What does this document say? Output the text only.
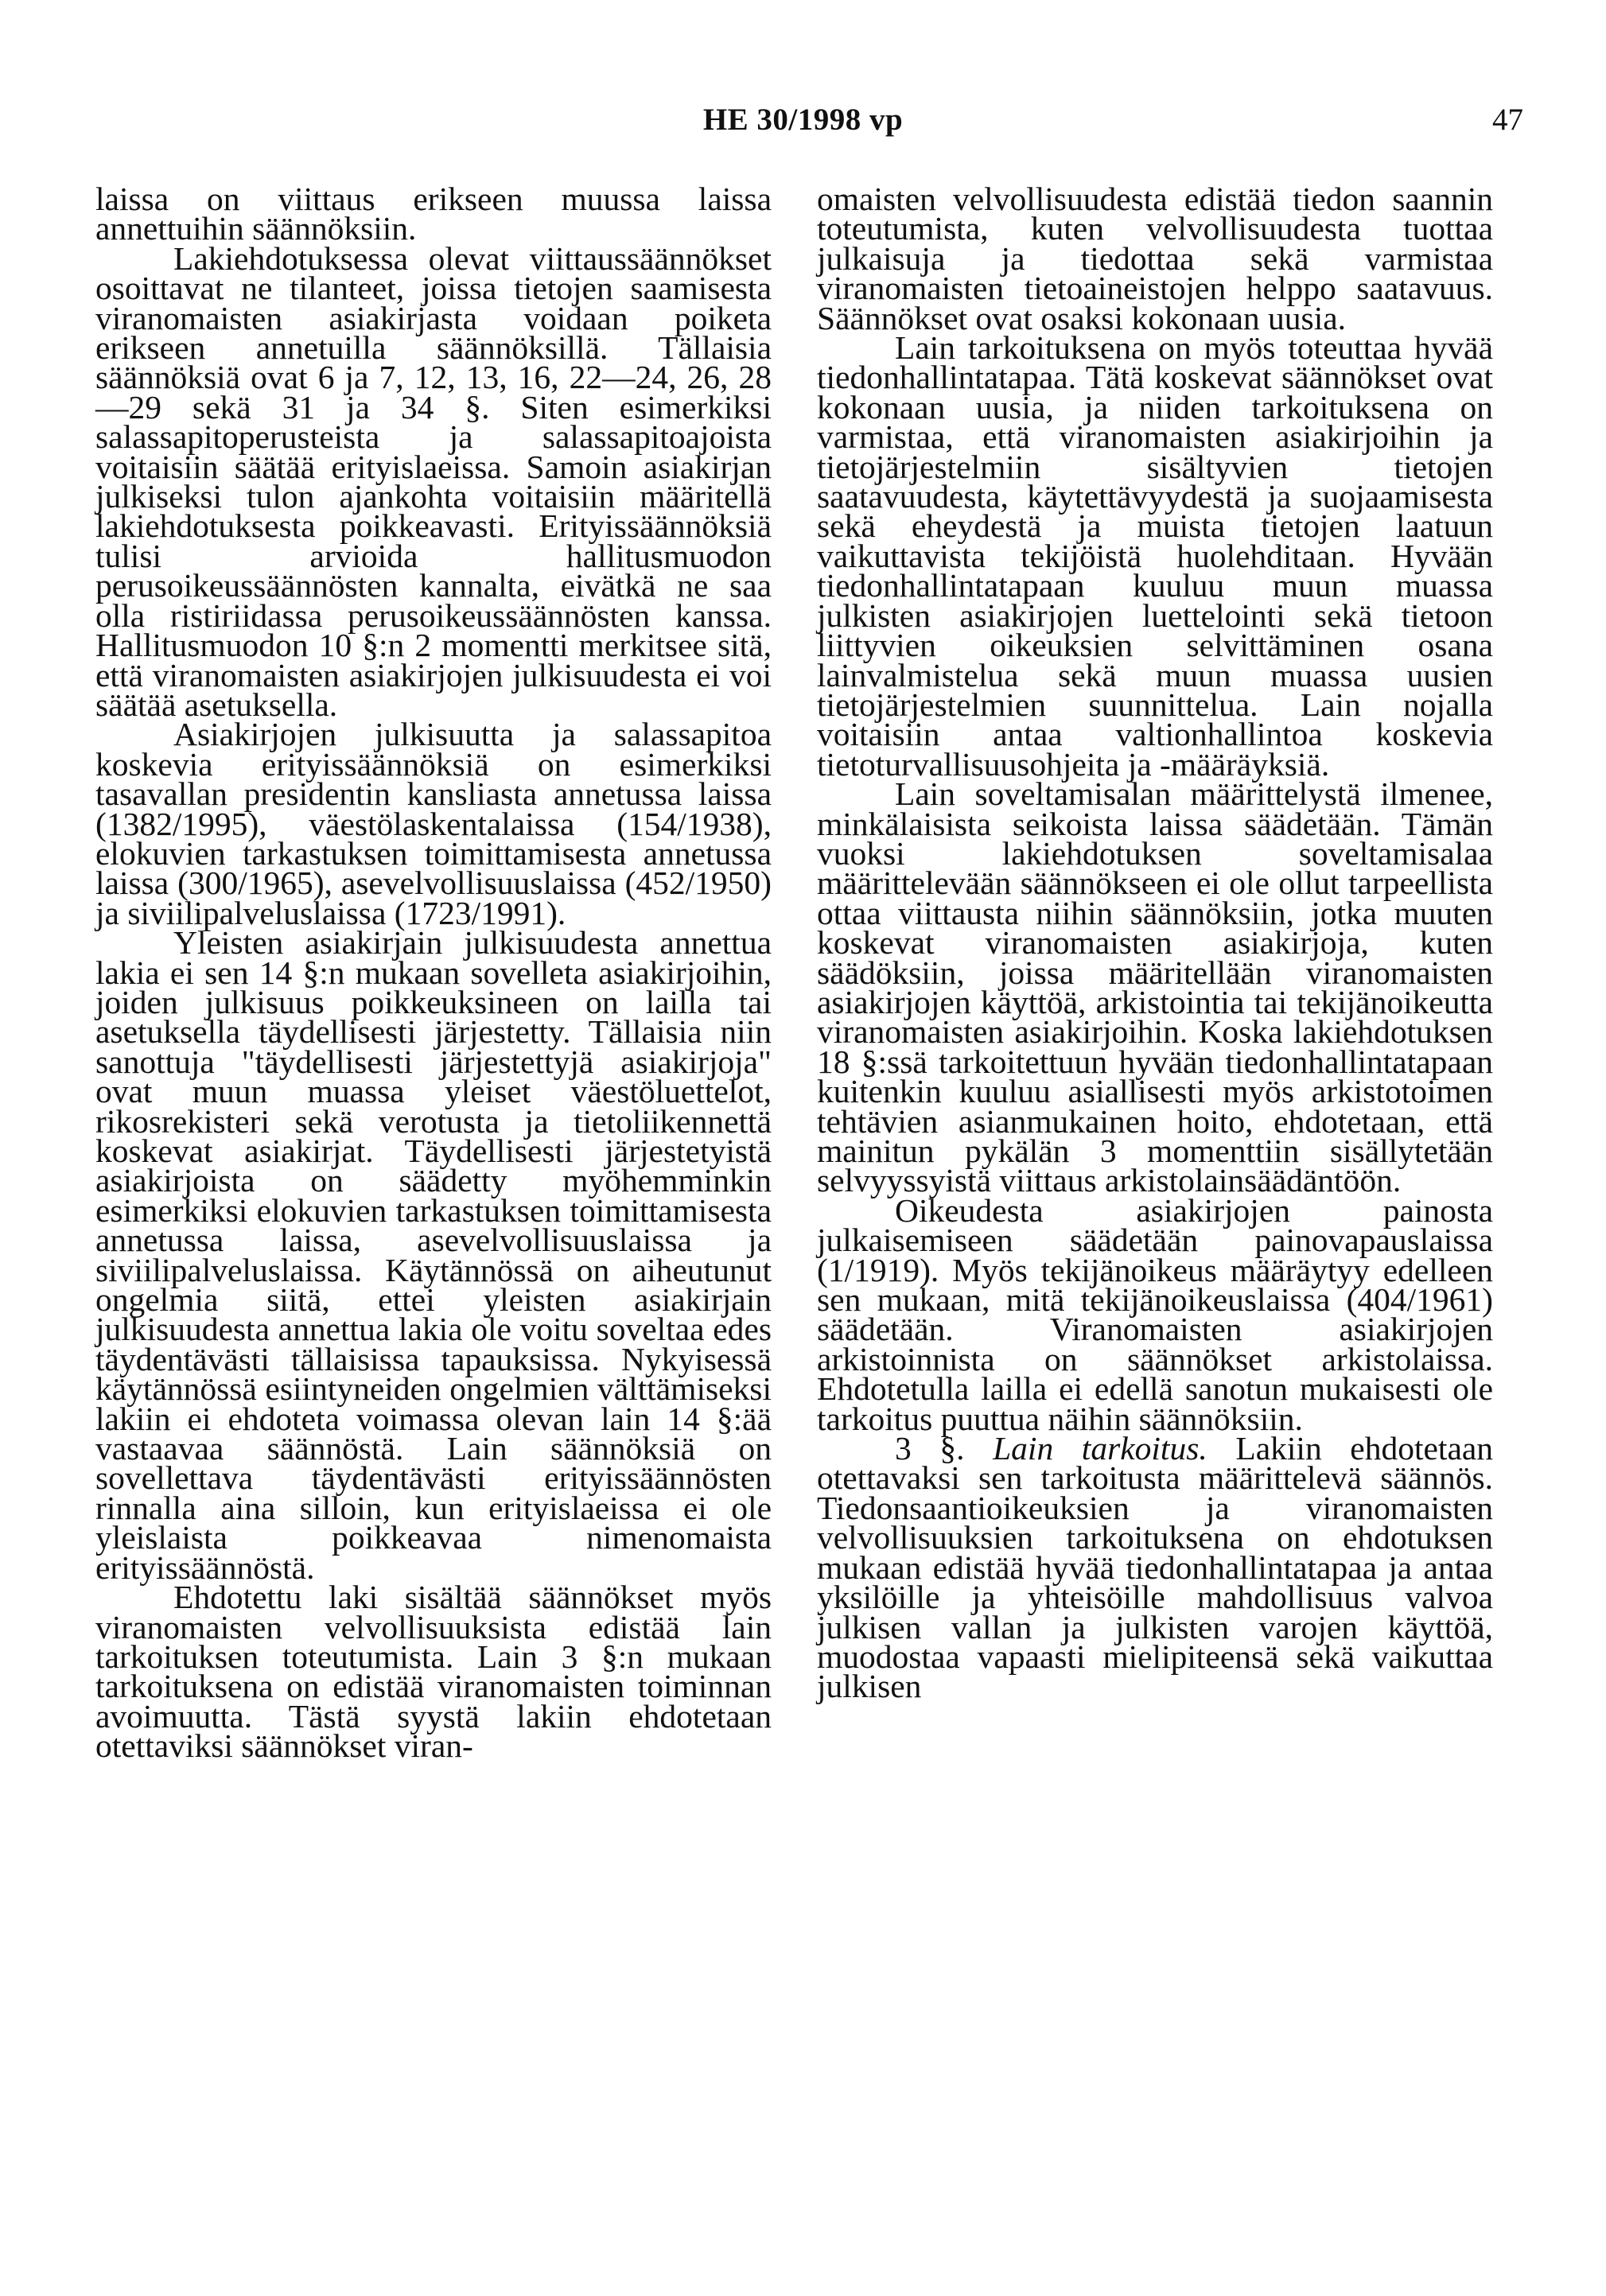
HE 30/1998 vp	47

laissa on viittaus erikseen muussa laissa annettuihin säännöksiin.

Lakiehdotuksessa olevat viittaussäännökset osoittavat ne tilanteet, joissa tietojen saamisesta viranomaisten asiakirjasta voidaan poiketa erikseen annetuilla säännöksillä. Tällaisia säännöksiä ovat 6 ja 7, 12, 13, 16, 22—24, 26, 28—29 sekä 31 ja 34 §. Siten esimerkiksi salassapitoperusteista ja salassapitoajoista voitaisiin säätää erityislaeissa. Samoin asiakirjan julkiseksi tulon ajankohta voitaisiin määritellä lakiehdotuksesta poikkeavasti. Erityissäännöksiä tulisi arvioida hallitusmuodon perusoikeussäännösten kannalta, eivätkä ne saa olla ristiriidassa perusoikeussäännösten kanssa. Hallitusmuodon 10 §:n 2 momentti merkitsee sitä, että viranomaisten asiakirjojen julkisuudesta ei voi säätää asetuksella.

Asiakirjojen julkisuutta ja salassapitoa koskevia erityissäännöksiä on esimerkiksi tasavallan presidentin kansliasta annetussa laissa (1382/1995), väestölaskentalaissa (154/1938), elokuvien tarkastuksen toimittamisesta annetussa laissa (300/1965), asevelvollisuuslaissa (452/1950) ja siviilipalveluslaissa (1723/1991).

Yleisten asiakirjain julkisuudesta annettua lakia ei sen 14 §:n mukaan sovelleta asiakirjoihin, joiden julkisuus poikkeuksineen on lailla tai asetuksella täydellisesti järjestetty. Tällaisia niin sanottuja "täydellisesti järjestettyjä asiakirjoja" ovat muun muassa yleiset väestöluettelot, rikosrekisteri sekä verotusta ja tietoliikennettä koskevat asiakirjat. Täydellisesti järjestetyistä asiakirjoista on säädetty myöhemminkin esimerkiksi elokuvien tarkastuksen toimittamisesta annetussa laissa, asevelvollisuuslaissa ja siviilipalveluslaissa. Käytännössä on aiheutunut ongelmia siitä, ettei yleisten asiakirjain julkisuudesta annettua lakia ole voitu soveltaa edes täydentävästi tällaisissa tapauksissa. Nykyisessä käytännössä esiintyneiden ongelmien välttämiseksi lakiin ei ehdoteta voimassa olevan lain 14 §:ää vastaavaa säännöstä. Lain säännöksiä on sovellettava täydentävästi erityissäännösten rinnalla aina silloin, kun erityislaeissa ei ole yleislaista poikkeavaa nimenomaista erityissäännöstä.

Ehdotettu laki sisältää säännökset myös viranomaisten velvollisuuksista edistää lain tarkoituksen toteutumista. Lain 3 §:n mukaan tarkoituksena on edistää viranomaisten toiminnan avoimuutta. Tästä syystä lakiin ehdotetaan otettaviksi säännökset viran-

omaisten velvollisuudesta edistää tiedon saannin toteutumista, kuten velvollisuudesta tuottaa julkaisuja ja tiedottaa sekä varmistaa viranomaisten tietoaineistojen helppo saatavuus. Säännökset ovat osaksi kokonaan uusia.

Lain tarkoituksena on myös toteuttaa hyvää tiedonhallintatapaa. Tätä koskevat säännökset ovat kokonaan uusia, ja niiden tarkoituksena on varmistaa, että viranomaisten asiakirjoihin ja tietojärjestelmiin sisältyvien tietojen saatavuudesta, käytettävyydestä ja suojaamisesta sekä eheydestä ja muista tietojen laatuun vaikuttavista tekijöistä huolehditaan. Hyvään tiedonhallintatapaan kuuluu muun muassa julkisten asiakirjojen luettelointi sekä tietoon liittyvien oikeuksien selvittäminen osana lainvalmistelua sekä muun muassa uusien tietojärjestelmien suunnittelua. Lain nojalla voitaisiin antaa valtionhallintoa koskevia tietoturvallisuusohjeita ja -määräyksiä.

Lain soveltamisalan määrittelystä ilmenee, minkälaisista seikoista laissa säädetään. Tämän vuoksi lakiehdotuksen soveltamisalaa määrittelevään säännökseen ei ole ollut tarpeellista ottaa viittausta niihin säännöksiin, jotka muuten koskevat viranomaisten asiakirjoja, kuten säädöksiin, joissa määritellään viranomaisten asiakirjojen käyttöä, arkistointia tai tekijänoikeutta viranomaisten asiakirjoihin. Koska lakiehdotuksen 18 §:ssä tarkoitettuun hyvään tiedonhallintatapaan kuitenkin kuuluu asiallisesti myös arkistotoimen tehtävien asianmukainen hoito, ehdotetaan, että mainitun pykälän 3 momenttiin sisällytetään selvyyssyistä viittaus arkistolainsäädäntöön.

Oikeudesta asiakirjojen painosta julkaisemiseen säädetään painovapauslaissa (1/1919). Myös tekijänoikeus määräytyy edelleen sen mukaan, mitä tekijänoikeuslaissa (404/1961) säädetään. Viranomaisten asiakirjojen arkistoinnista on säännökset arkistolaissa. Ehdotetulla lailla ei edellä sanotun mukaisesti ole tarkoitus puuttua näihin säännöksiin.

3 §. Lain tarkoitus. Lakiin ehdotetaan otettavaksi sen tarkoitusta määrittelevä säännös. Tiedonsaantioikeuksien ja viranomaisten velvollisuuksien tarkoituksena on ehdotuksen mukaan edistää hyvää tiedonhallintatapaa ja antaa yksilöille ja yhteisöille mahdollisuus valvoa julkisen vallan ja julkisten varojen käyttöä, muodostaa vapaasti mielipiteensä sekä vaikuttaa julkisen
